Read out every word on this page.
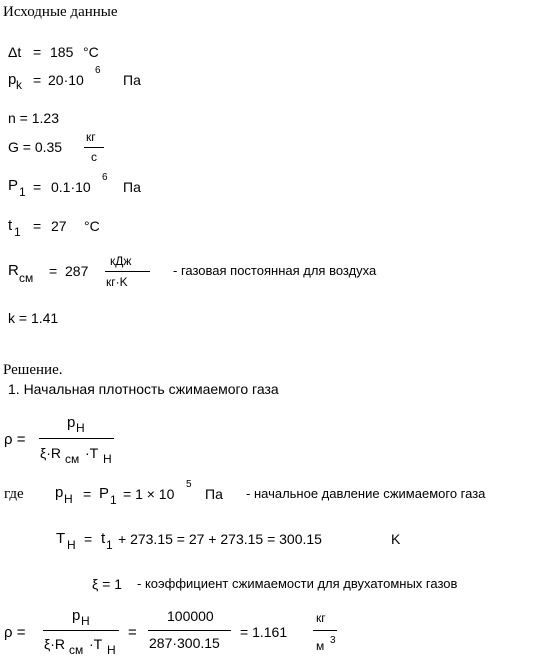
Исходные данные
Δt = 185 °C
p k = 20·10
6
Па
n = 1.23
G = 0.35
кг
с
P 1 = 0.1·10
6
Па
t 1 = 27 °C
R см = 287
кДж
кг·K
- газовая постоянная для воздуха
k = 1.41
Решение.
1. Начальная плотность сжимаемого газа
ρ =
p H
ξ·R см ·T H
где p H = P 1 = 1 × 10
5
Па - начальное давление сжимаемого газа
T H = t 1 + 273.15 = 27 + 273.15 = 300.15	K
ξ = 1 - коэффициент сжимаемости для двухатомных газов
ρ =
p H
ξ·R см ·T H
=
100000
287·300.15
= 1.161
кг
м 3
